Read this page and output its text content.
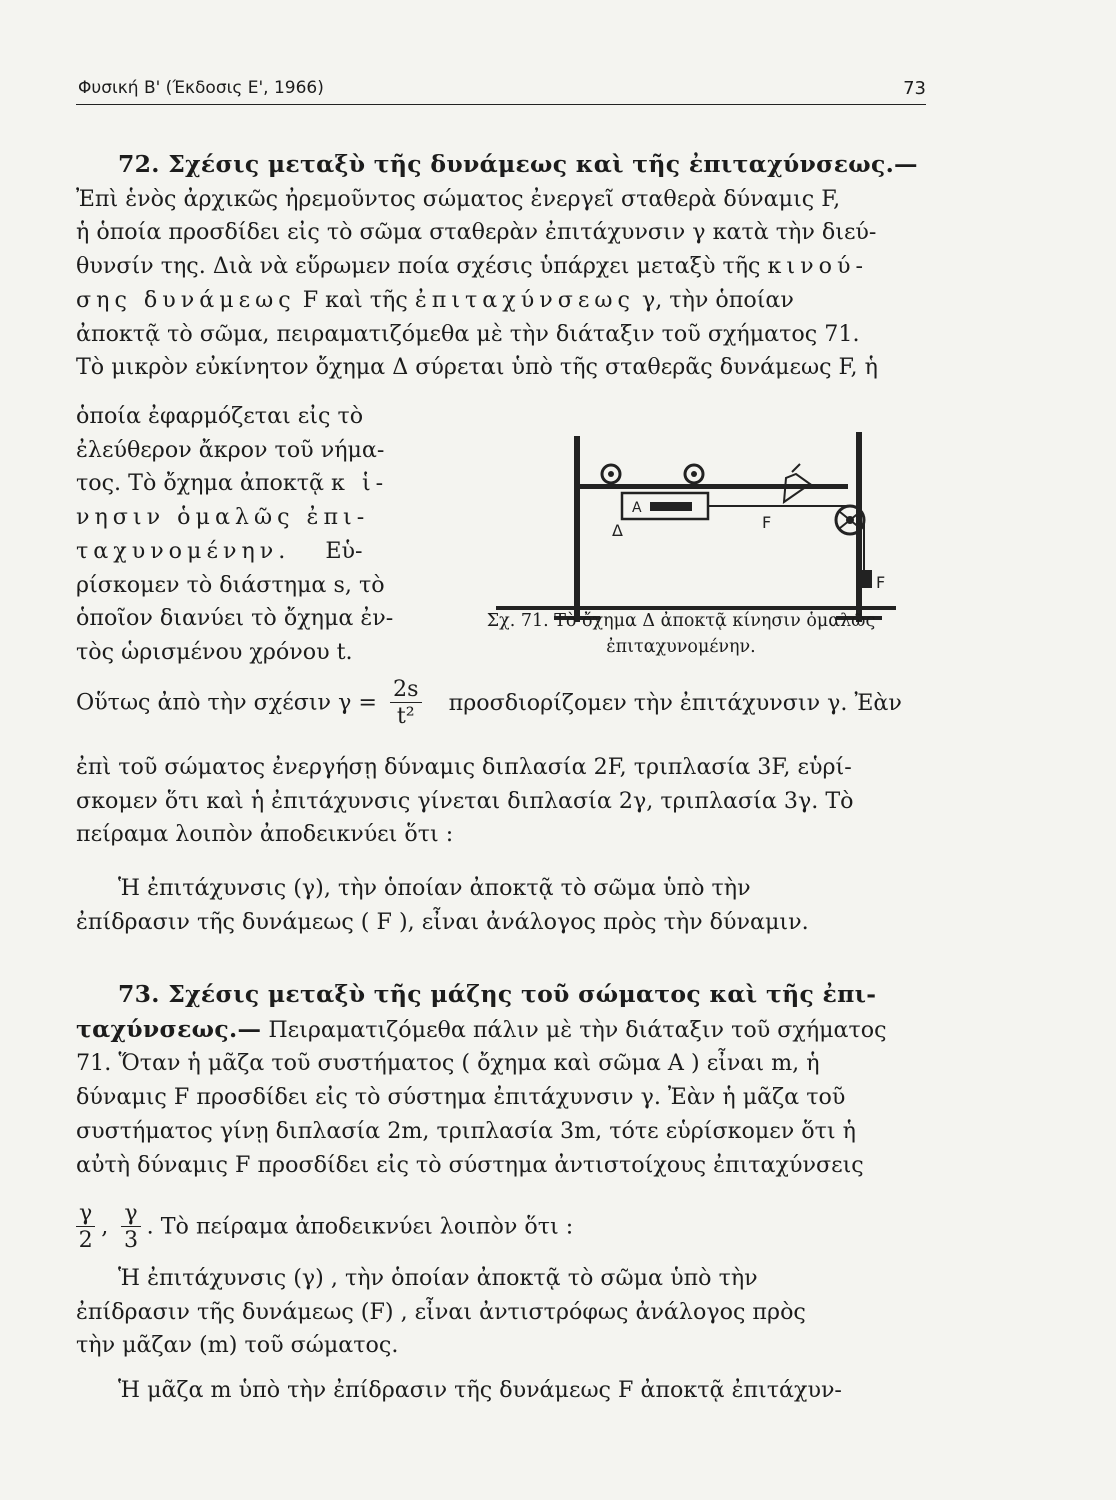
Φυσική Β' (Έκδοσις Ε', 1966)	73
72. Σχέσις μεταξὺ τῆς δυνάμεως καὶ τῆς ἐπιταχύνσεως.—
Ἐπὶ ἑνὸς ἀρχικῶς ἠρεμοῦντος σώματος ἐνεργεῖ σταθερὰ δύναμις F,
ἡ ὁποία προσδίδει εἰς τὸ σῶμα σταθερὰν ἐπιτάχυνσιν γ κατὰ τὴν διεύ-
θυνσίν της. Διὰ νὰ εὕρωμεν ποία σχέσις ὑπάρχει μεταξὺ τῆς κινού-
σης δυνάμεως F καὶ τῆς ἐπιταχύνσεως γ, τὴν ὁποίαν
ἀποκτᾷ τὸ σῶμα, πειραματιζόμεθα μὲ τὴν διάταξιν τοῦ σχήματος 71.
Τὸ μικρὸν εὐκίνητον ὄχημα Δ σύρεται ὑπὸ τῆς σταθερᾶς δυνάμεως F, ἡ
ὁποία ἐφαρμόζεται εἰς τὸ
ἐλεύθερον ἄκρον τοῦ νήμα-
τος. Τὸ ὄχημα ἀποκτᾷ κ ἱ-
νησιν ὁμαλῶς ἐπι-
ταχυνομένην. Εὑ-
ρίσκομεν τὸ διάστημα s, τὸ
ὁποῖον διανύει τὸ ὄχημα ἐν-
τὸς ὡρισμένου χρόνου t.
A
Δ	F
F
Σχ. 71. Τὸ ὄχημα Δ ἀποκτᾷ κίνησιν ὁμαλῶς
ἐπιταχυνομένην.
Οὕτως ἀπὸ τὴν σχέσιν $\gamma = \frac{2s}{\text{t²}}$ προσδιορίζομεν τὴν ἐπιτάχυνσιν γ. Ἐὰν
ἐπὶ τοῦ σώματος ἐνεργήσῃ δύναμις διπλασία 2F, τριπλασία 3F, εὑρί-
σκομεν ὅτι καὶ ἡ ἐπιτάχυνσις γίνεται διπλασία 2γ, τριπλασία 3γ. Τὸ
πείραμα λοιπὸν ἀποδεικνύει ὅτι :
Ἡ ἐπιτάχυνσις (γ), τὴν ὁποίαν ἀποκτᾷ τὸ σῶμα ὑπὸ τὴν
ἐπίδρασιν τῆς δυνάμεως ( F ), εἶναι ἀνάλογος πρὸς τὴν δύναμιν.
73. Σχέσις μεταξὺ τῆς μάζης τοῦ σώματος καὶ τῆς ἐπι-
ταχύνσεως.— Πειραματιζόμεθα πάλιν μὲ τὴν διάταξιν τοῦ σχήματος
71. Ὅταν ἡ μᾶζα τοῦ συστήματος ( ὄχημα καὶ σῶμα A ) εἶναι m, ἡ
δύναμις F προσδίδει εἰς τὸ σύστημα ἐπιτάχυνσιν γ. Ἐὰν ἡ μᾶζα τοῦ
συστήματος γίνῃ διπλασία 2m, τριπλασία 3m, τότε εὑρίσκομεν ὅτι ἡ
αὐτὴ δύναμις F προσδίδει εἰς τὸ σύστημα ἀντιστοίχους ἐπιταχύνσεις
$\frac{\gamma}{2}$ , $\frac{\gamma}{3}$ . Τὸ πείραμα ἀποδεικνύει λοιπὸν ὅτι :
Ἡ ἐπιτάχυνσις (γ) , τὴν ὁποίαν ἀποκτᾷ τὸ σῶμα ὑπὸ τὴν
ἐπίδρασιν τῆς δυνάμεως (F) , εἶναι ἀντιστρόφως ἀνάλογος πρὸς
τὴν μᾶζαν (m) τοῦ σώματος.
Ἡ μᾶζα m ὑπὸ τὴν ἐπίδρασιν τῆς δυνάμεως F ἀποκτᾷ ἐπιτάχυν-
